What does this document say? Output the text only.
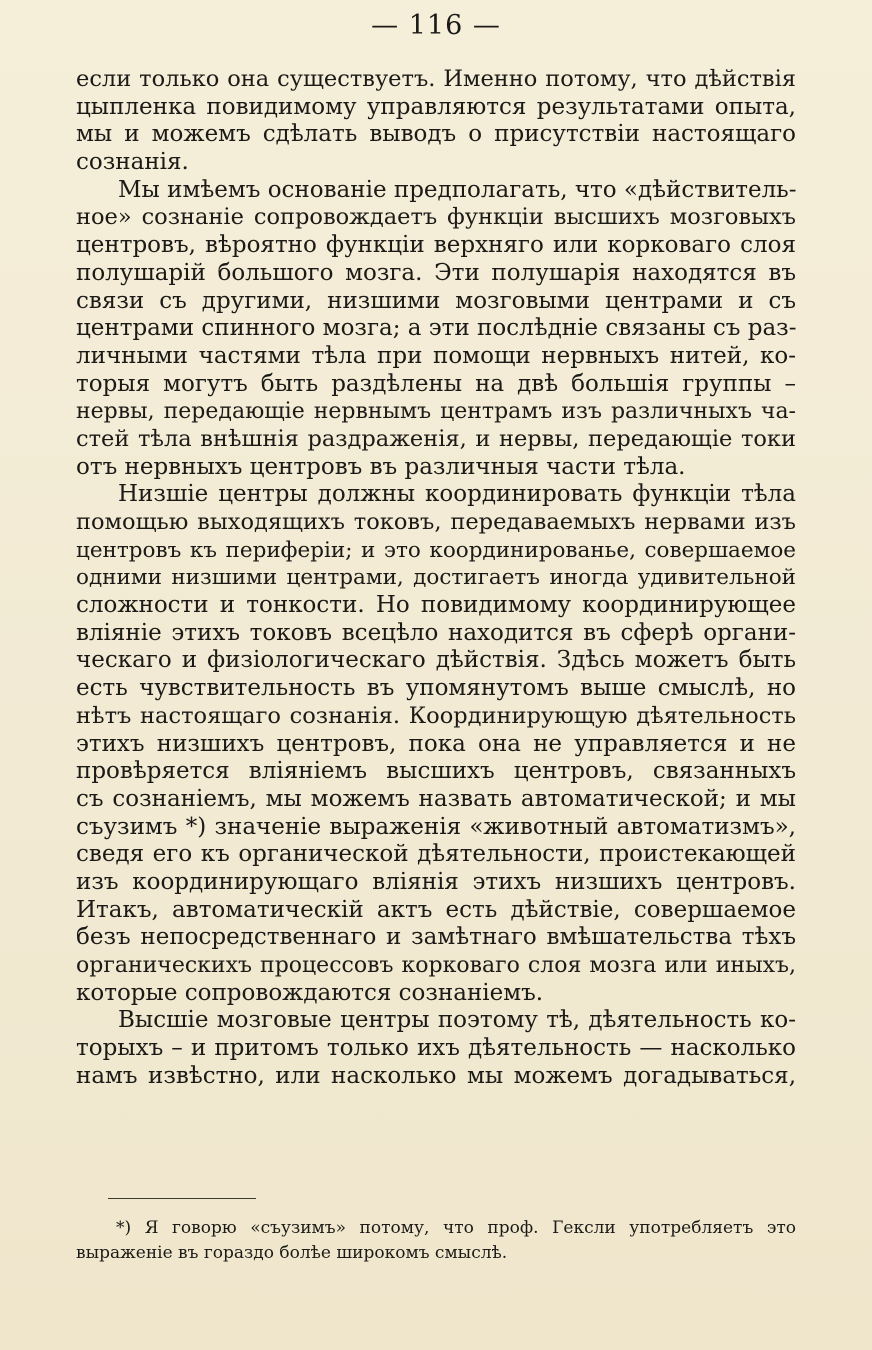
— 116 —
если только она существуетъ. Именно потому, что дѣйствія
цыпленка повидимому управляются результатами опыта,
мы и можемъ сдѣлать выводъ о присутствіи настоящаго
сознанія.
Мы имѣемъ основаніе предполагать, что «дѣйствитель-
ное» сознаніе сопровождаетъ функціи высшихъ мозговыхъ
центровъ, вѣроятно функціи верхняго или корковаго слоя
полушарій большого мозга. Эти полушарія находятся въ
связи съ другими, низшими мозговыми центрами и съ
центрами спинного мозга; а эти послѣдніе связаны съ раз-
личными частями тѣла при помощи нервныхъ нитей, ко-
торыя могутъ быть раздѣлены на двѣ большія группы –
нервы, передающіе нервнымъ центрамъ изъ различныхъ ча-
стей тѣла внѣшнія раздраженія, и нервы, передающіе токи
отъ нервныхъ центровъ въ различныя части тѣла.
Низшіе центры должны координировать функціи тѣла
помощью выходящихъ токовъ, передаваемыхъ нервами изъ
центровъ къ периферіи; и это координированье, совершаемое
одними низшими центрами, достигаетъ иногда удивительной
сложности и тонкости. Но повидимому координирующее
вліяніе этихъ токовъ всецѣло находится въ сферѣ органи-
ческаго и физіологическаго дѣйствія. Здѣсь можетъ быть
есть чувствительность въ упомянутомъ выше смыслѣ, но
нѣтъ настоящаго сознанія. Координирующую дѣятельность
этихъ низшихъ центровъ, пока она не управляется и не
провѣряется вліяніемъ высшихъ центровъ, связанныхъ
съ сознаніемъ, мы можемъ назвать автоматической; и мы
съузимъ *) значеніе выраженія «животный автоматизмъ»,
сведя его къ органической дѣятельности, проистекающей
изъ координирующаго вліянія этихъ низшихъ центровъ.
Итакъ, автоматическій актъ есть дѣйствіе, совершаемое
безъ непосредственнаго и замѣтнаго вмѣшательства тѣхъ
органическихъ процессовъ корковаго слоя мозга или иныхъ,
которые сопровождаются сознаніемъ.
Высшіе мозговые центры поэтому тѣ, дѣятельность ко-
торыхъ – и притомъ только ихъ дѣятельность — насколько
намъ извѣстно, или насколько мы можемъ догадываться,
*) Я говорю «съузимъ» потому, что проф. Гексли употребляетъ это
выраженіе въ гораздо болѣе широкомъ смыслѣ.
